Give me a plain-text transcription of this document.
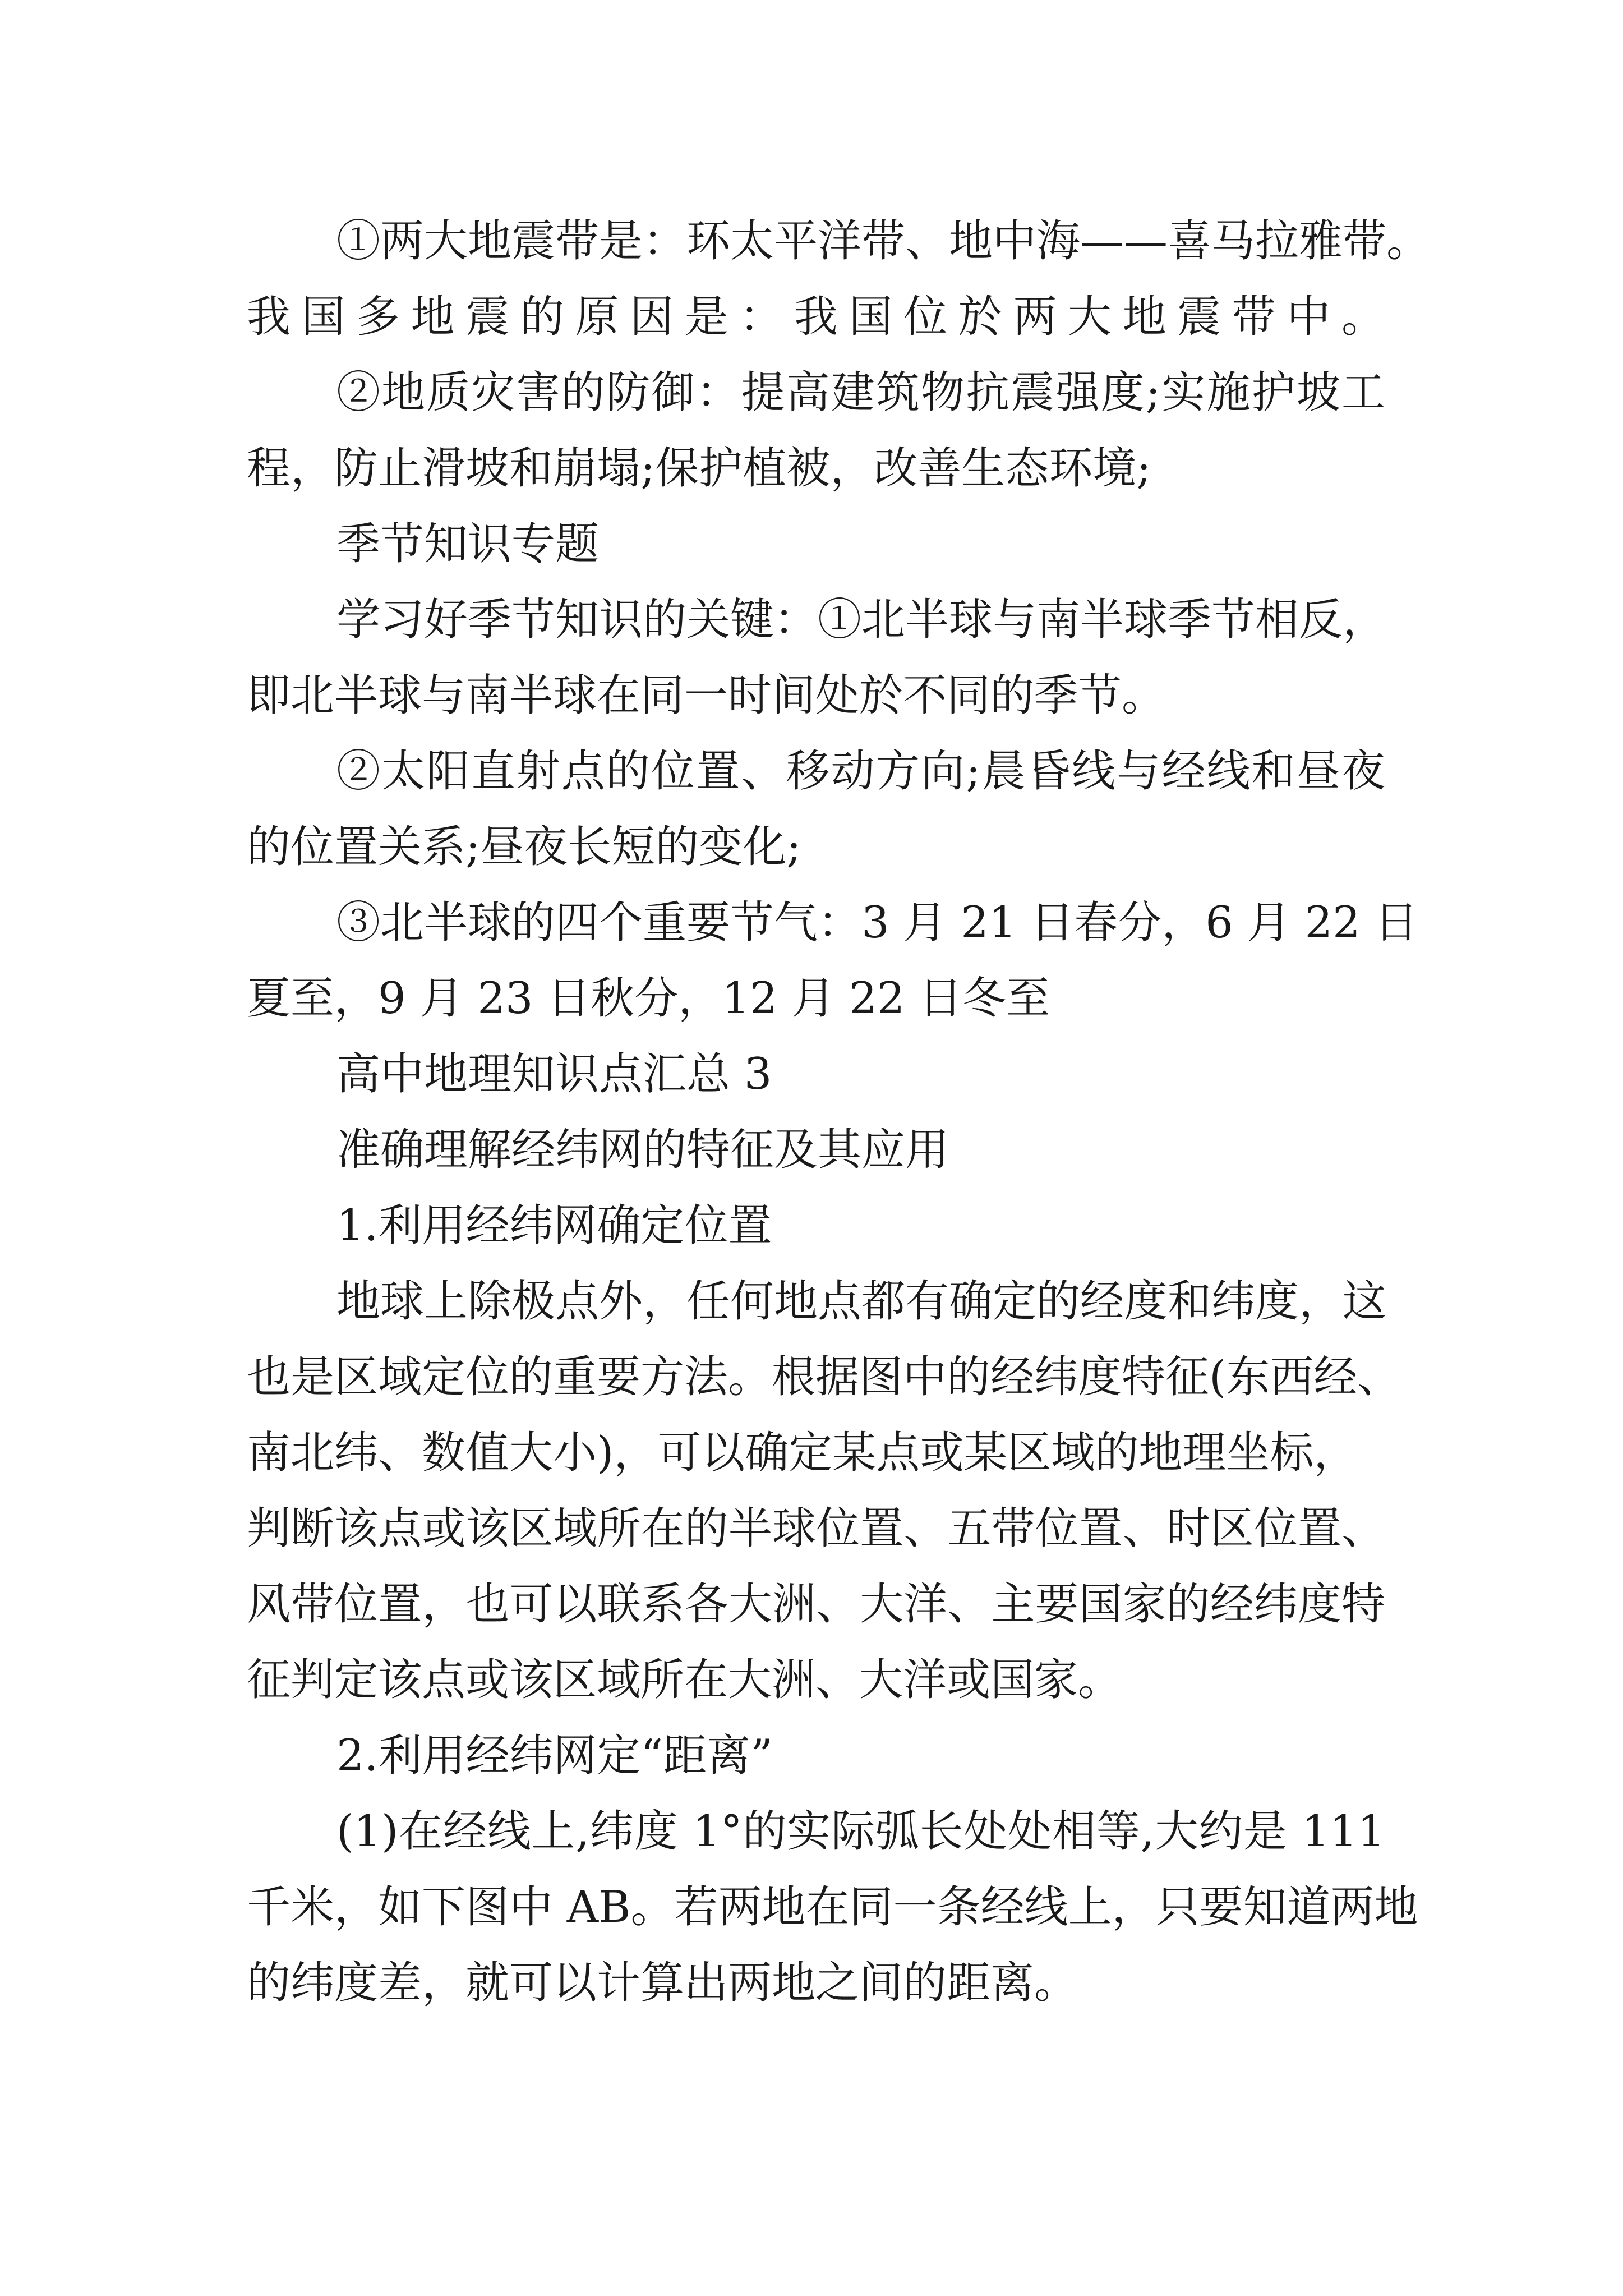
①两大地震带是：环太平洋带、地中海——喜马拉雅带。
我国多地震的原因是：我国位於两大地震带中。
②地质灾害的防御：提高建筑物抗震强度;实施护坡工
程，防止滑坡和崩塌;保护植被，改善生态环境;
季节知识专题
学习好季节知识的关键：①北半球与南半球季节相反，
即北半球与南半球在同一时间处於不同的季节。
②太阳直射点的位置、移动方向;晨昏线与经线和昼夜
的位置关系;昼夜长短的变化;
③北半球的四个重要节气：3 月 21 日春分，6 月 22 日
夏至，9 月 23 日秋分，12 月 22 日冬至
高中地理知识点汇总 3
准确理解经纬网的特征及其应用
1.利用经纬网确定位置
地球上除极点外，任何地点都有确定的经度和纬度，这
也是区域定位的重要方法。根据图中的经纬度特征(东西经、
南北纬、数值大小)，可以确定某点或某区域的地理坐标，
判断该点或该区域所在的半球位置、五带位置、时区位置、
风带位置，也可以联系各大洲、大洋、主要国家的经纬度特
征判定该点或该区域所在大洲、大洋或国家。
2.利用经纬网定“距离”
(1)在经线上,纬度 1°的实际弧长处处相等,大约是 111
千米，如下图中 AB。若两地在同一条经线上，只要知道两地
的纬度差，就可以计算出两地之间的距离。
